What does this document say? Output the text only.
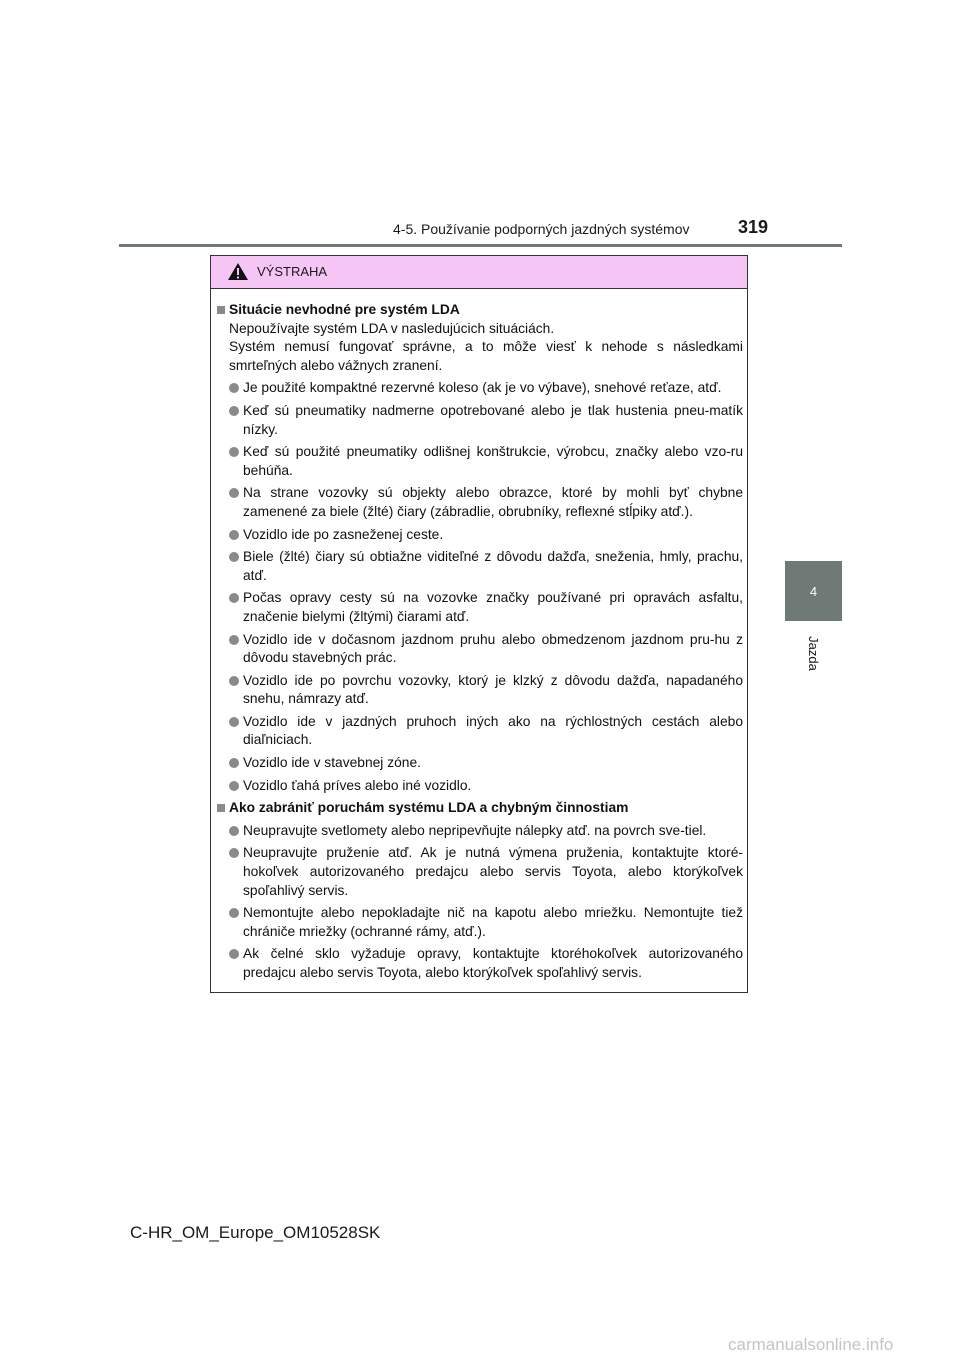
4-5. Používanie podporných jazdných systémov	319
4
Jazda
VÝSTRAHA
Situácie nevhodné pre systém LDA
Nepoužívajte systém LDA v nasledujúcich situáciách.
Systém nemusí fungovať správne, a to môže viesť k nehode s následkami smrteľných alebo vážnych zranení.
Je použité kompaktné rezervné koleso (ak je vo výbave), snehové reťaze, atď.
Keď sú pneumatiky nadmerne opotrebované alebo je tlak hustenia pneu-matík nízky.
Keď sú použité pneumatiky odlišnej konštrukcie, výrobcu, značky alebo vzo-ru behúňa.
Na strane vozovky sú objekty alebo obrazce, ktoré by mohli byť chybne zamenené za biele (žlté) čiary (zábradlie, obrubníky, reflexné stĺpiky atď.).
Vozidlo ide po zasneženej ceste.
Biele (žlté) čiary sú obtiažne viditeľné z dôvodu dažďa, sneženia, hmly, prachu, atď.
Počas opravy cesty sú na vozovke značky používané pri opravách asfaltu, značenie bielymi (žltými) čiarami atď.
Vozidlo ide v dočasnom jazdnom pruhu alebo obmedzenom jazdnom pru-hu z dôvodu stavebných prác.
Vozidlo ide po povrchu vozovky, ktorý je klzký z dôvodu dažďa, napadaného snehu, námrazy atď.
Vozidlo ide v jazdných pruhoch iných ako na rýchlostných cestách alebo diaľniciach.
Vozidlo ide v stavebnej zóne.
Vozidlo ťahá príves alebo iné vozidlo.
Ako zabrániť poruchám systému LDA a chybným činnostiam
Neupravujte svetlomety alebo nepripevňujte nálepky atď. na povrch sve-tiel.
Neupravujte pruženie atď. Ak je nutná výmena pruženia, kontaktujte ktoré-hokoľvek autorizovaného predajcu alebo servis Toyota, alebo ktorýkoľvek spoľahlivý servis.
Nemontujte alebo nepokladajte nič na kapotu alebo mriežku. Nemontujte tiež chrániče mriežky (ochranné rámy, atď.).
Ak čelné sklo vyžaduje opravy, kontaktujte ktoréhokoľvek autorizovaného predajcu alebo servis Toyota, alebo ktorýkoľvek spoľahlivý servis.
C-HR_OM_Europe_OM10528SK
carmanualsonline.info
